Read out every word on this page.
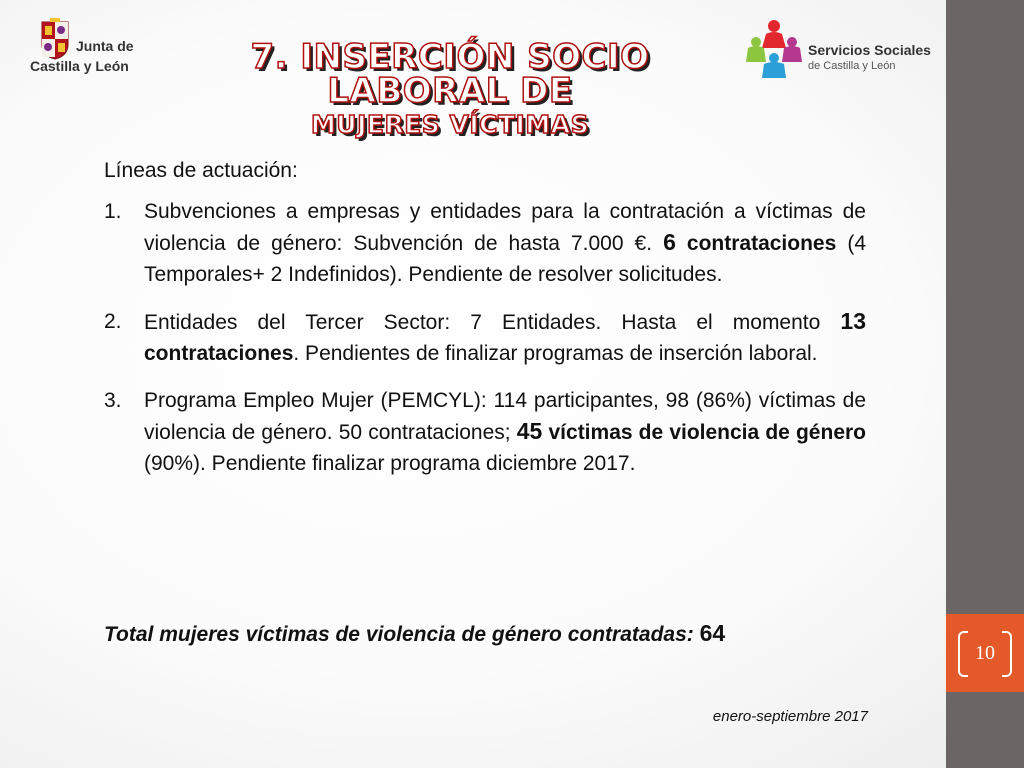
Junta de
Castilla y León	7. INSERCIÓN SOCIO LABORAL DE
MUJERES VÍCTIMAS
Servicios Sociales
de Castilla y León

Líneas de actuación:

1. Subvenciones a empresas y entidades para la contratación a víctimas de violencia de género: Subvención de hasta 7.000 €. 6 contrataciones (4 Temporales+ 2 Indefinidos). Pendiente de resolver solicitudes.
2. Entidades del Tercer Sector: 7 Entidades. Hasta el momento 13 contrataciones. Pendientes de finalizar programas de inserción laboral.
3. Programa Empleo Mujer (PEMCYL): 114 participantes, 98 (86%) víctimas de violencia de género. 50 contrataciones; 45 víctimas de violencia de género (90%). Pendiente finalizar programa diciembre 2017.
Total mujeres víctimas de violencia de género contratadas: 64
enero-septiembre 2017
10
